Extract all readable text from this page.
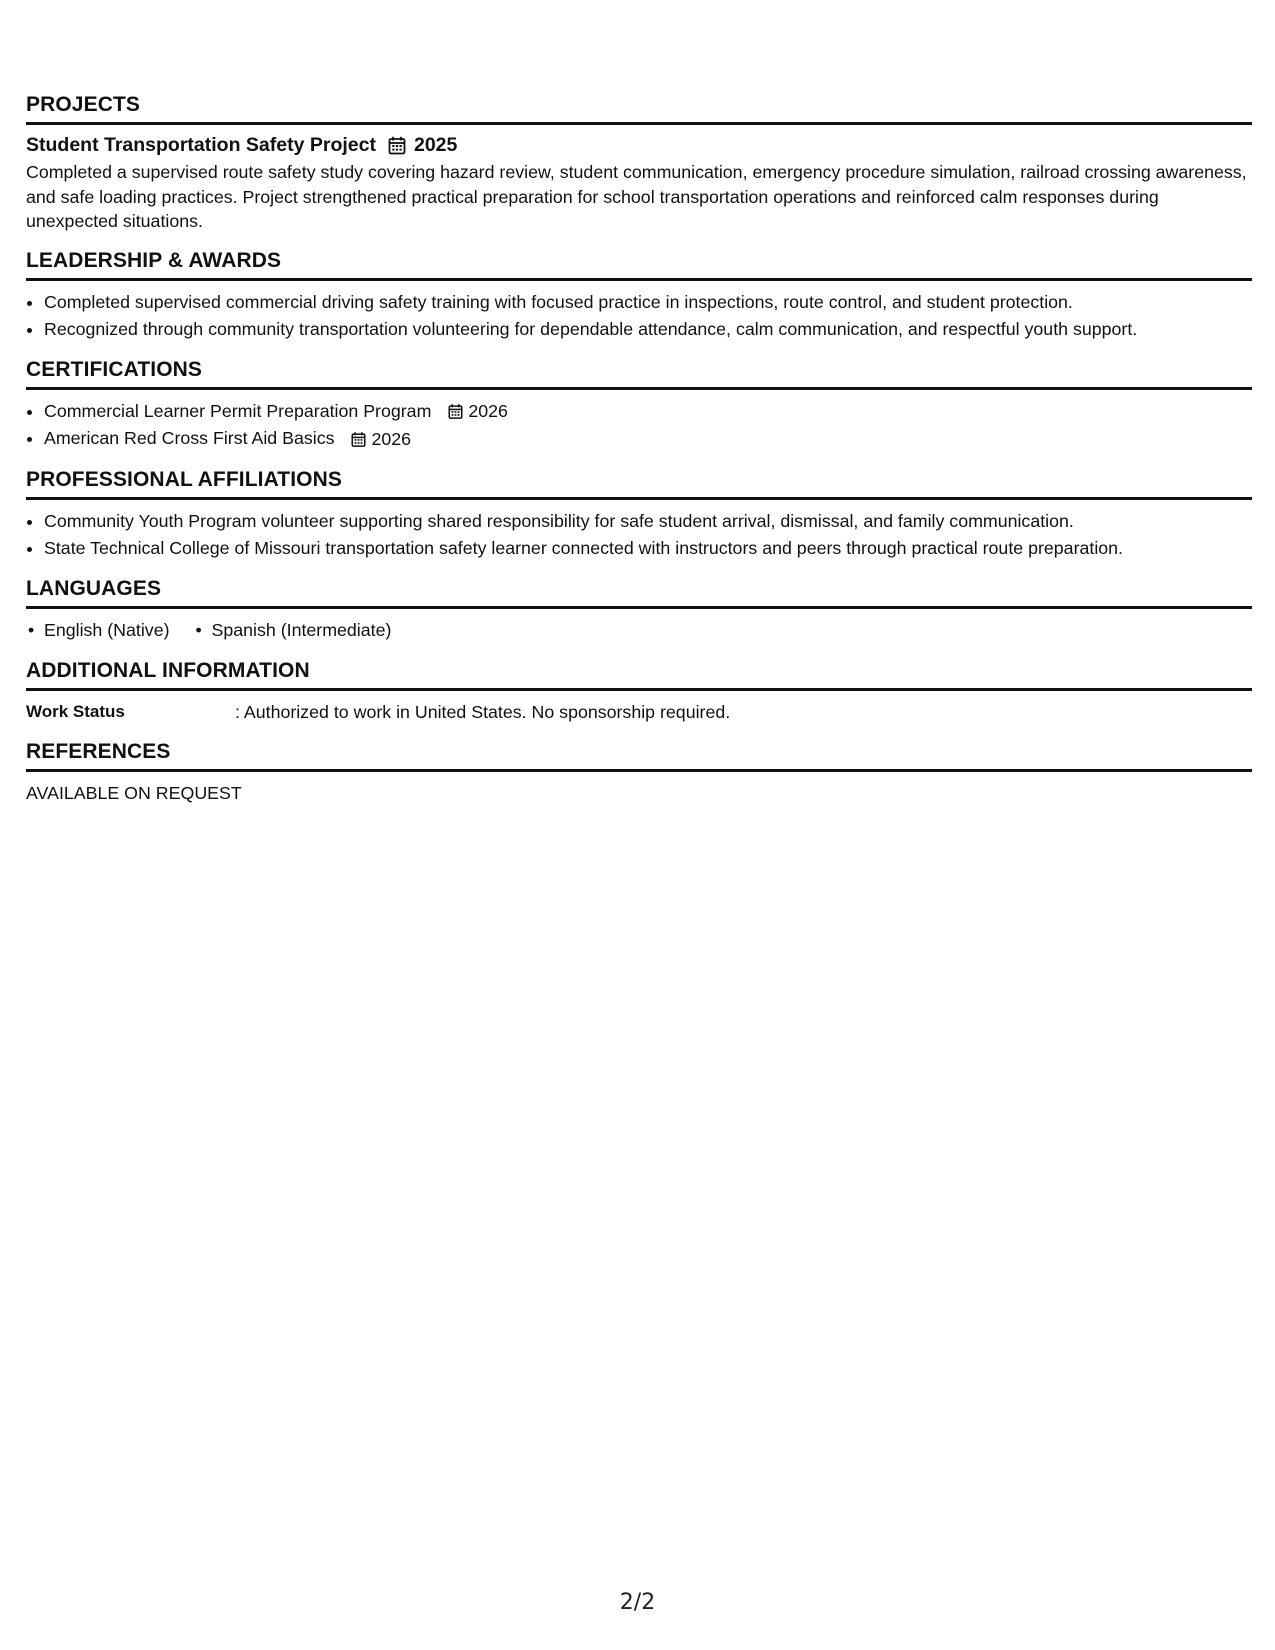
PROJECTS
Student Transportation Safety Project 2025

Completed a supervised route safety study covering hazard review, student communication, emergency procedure simulation, railroad crossing awareness, and safe loading practices. Project strengthened practical preparation for school transportation operations and reinforced calm responses during unexpected situations.

LEADERSHIP & AWARDS
• Completed supervised commercial driving safety training with focused practice in inspections, route control, and student protection.
• Recognized through community transportation volunteering for dependable attendance, calm communication, and respectful youth support.
CERTIFICATIONS
• Commercial Learner Permit Preparation Program 2026
• American Red Cross First Aid Basics 2026
PROFESSIONAL AFFILIATIONS
• Community Youth Program volunteer supporting shared responsibility for safe student arrival, dismissal, and family communication.
• State Technical College of Missouri transportation safety learner connected with instructors and peers through practical route preparation.
LANGUAGES
• English (Native)
•	Spanish (Intermediate)
ADDITIONAL INFORMATION
Work Status	: Authorized to work in United States. No sponsorship required.
REFERENCES
AVAILABLE ON REQUEST
2/2
